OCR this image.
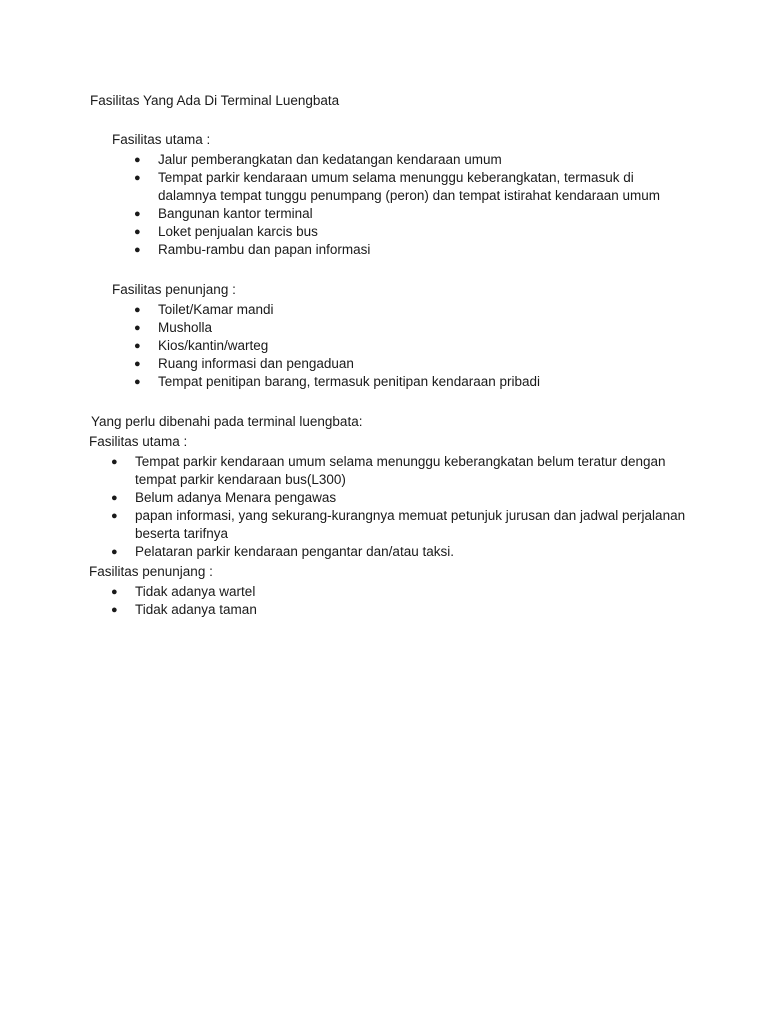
Fasilitas Yang Ada Di Terminal Luengbata
Fasilitas utama :
●	Jalur pemberangkatan dan kedatangan kendaraan umum
●	Tempat parkir kendaraan umum selama menunggu keberangkatan, termasuk di dalamnya tempat tunggu penumpang (peron) dan tempat istirahat kendaraan umum
●	Bangunan kantor terminal
●	Loket penjualan karcis bus
●	Rambu-rambu dan papan informasi
Fasilitas penunjang :
●	Toilet/Kamar mandi
●	Musholla
●	Kios/kantin/warteg
●	Ruang informasi dan pengaduan
●	Tempat penitipan barang, termasuk penitipan kendaraan pribadi
Yang perlu dibenahi pada terminal luengbata:
Fasilitas utama :
●	Tempat parkir kendaraan umum selama menunggu keberangkatan belum teratur dengan tempat parkir kendaraan bus(L300)
●	Belum adanya Menara pengawas
●	papan informasi, yang sekurang-kurangnya memuat petunjuk jurusan dan jadwal perjalanan beserta tarifnya
●	Pelataran parkir kendaraan pengantar dan/atau taksi.
Fasilitas penunjang :
●	Tidak adanya wartel
●	Tidak adanya taman
